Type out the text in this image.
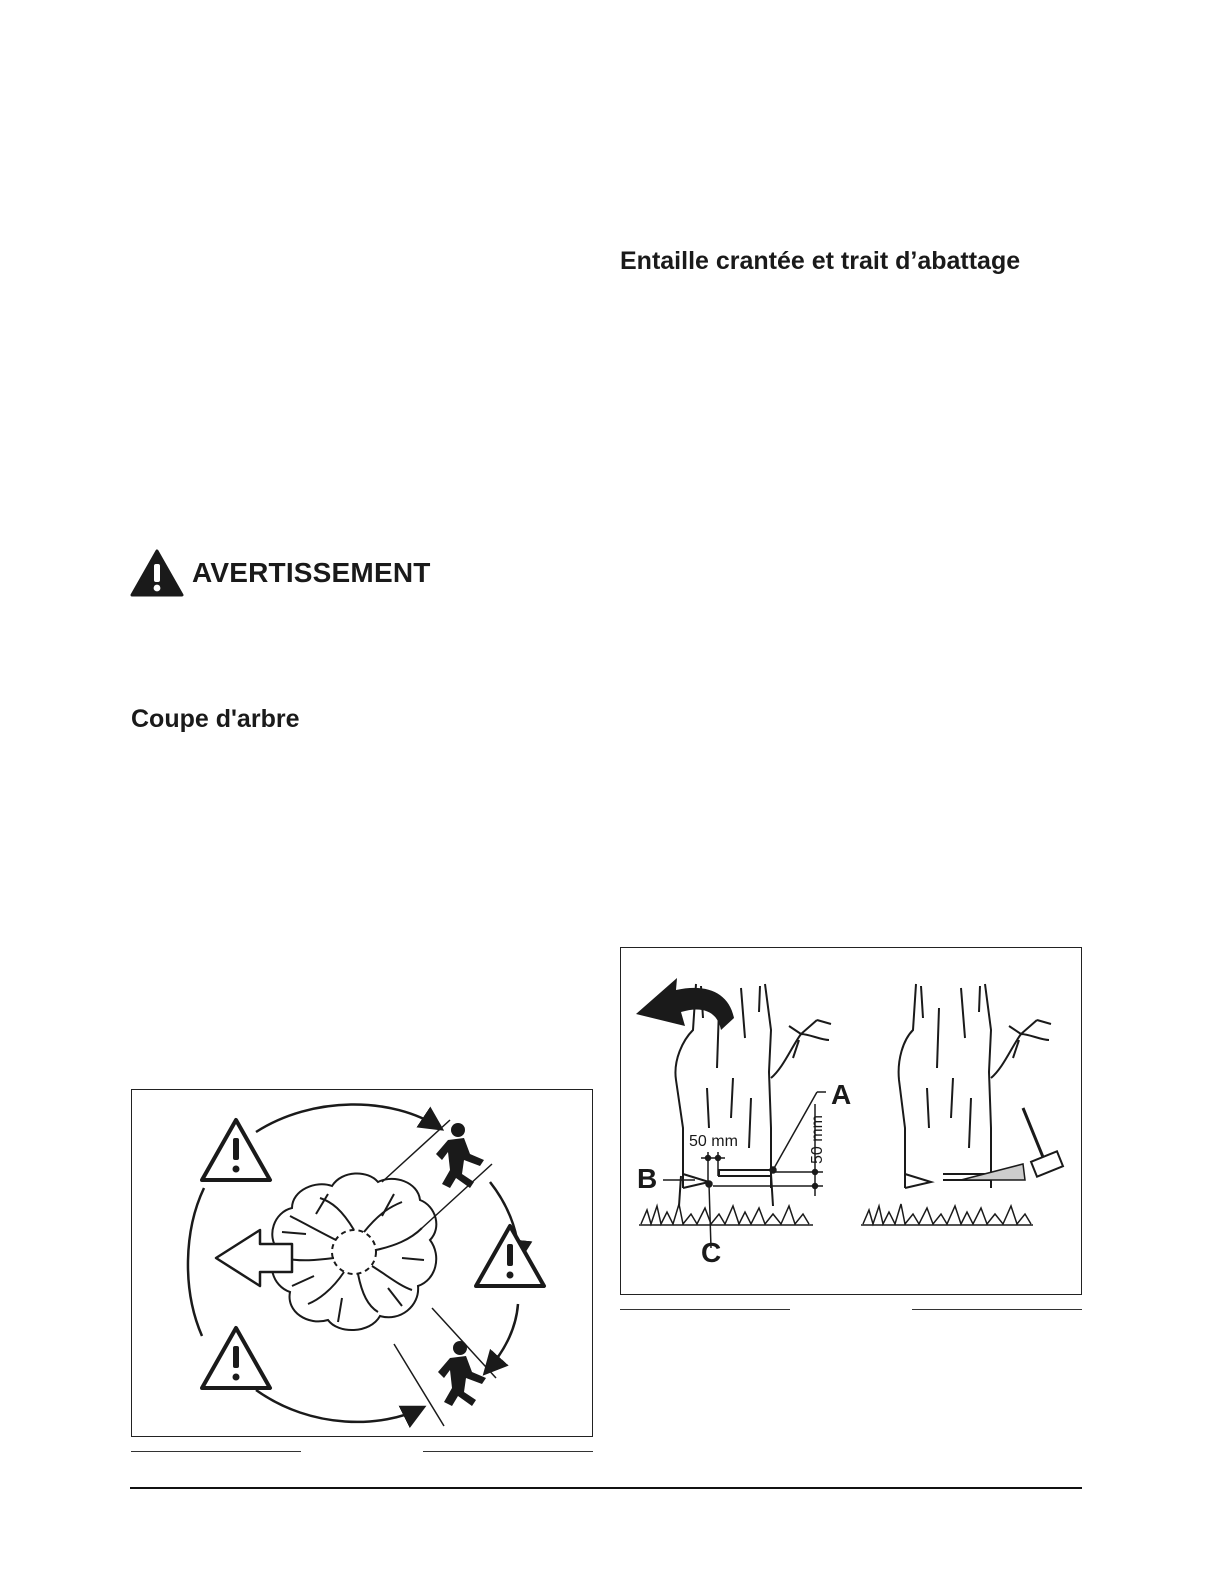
Entaille crantée et trait d’abattage
AVERTISSEMENT
Coupe d'arbre
A
B
C
50 mm	50 mm
